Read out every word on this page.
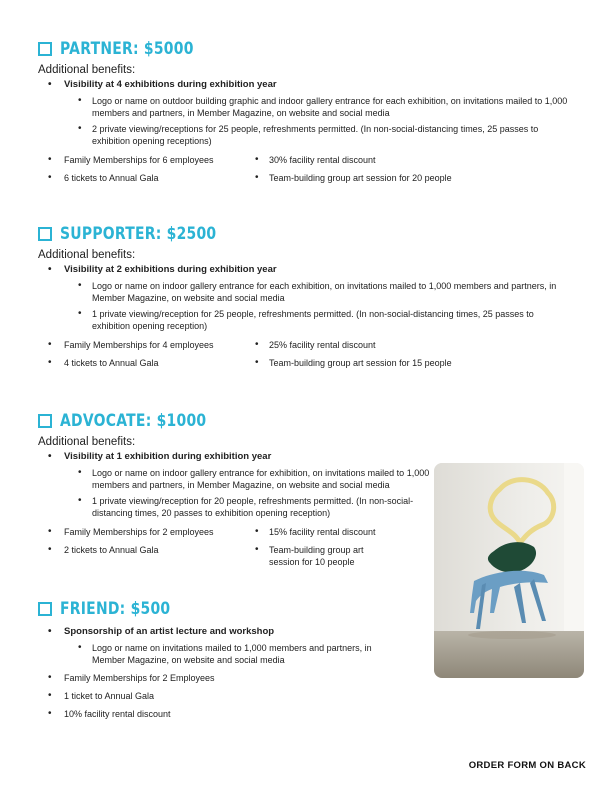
PARTNER: $5000
Additional benefits:
• Visibility at 4 exhibitions during exhibition year
• Logo or name on outdoor building graphic and indoor gallery entrance for each exhibition, on invitations mailed to 1,000 members and partners, in Member Magazine, on website and social media
• 2 private viewing/receptions for 25 people, refreshments permitted. (In non-social-distancing times, 25 passes to exhibition opening receptions)
• Family Memberships for 6 employees
• 6 tickets to Annual Gala
• 30% facility rental discount
• Team-building group art session for 20 people
SUPPORTER: $2500
Additional benefits:
• Visibility at 2 exhibitions during exhibition year
• Logo or name on indoor gallery entrance for each exhibition, on invitations mailed to 1,000 members and partners, in Member Magazine, on website and social media
• 1 private viewing/reception for 25 people, refreshments permitted. (In non-social-distancing times, 25 passes to exhibition opening reception)
• Family Memberships for 4 employees
• 4 tickets to Annual Gala
• 25% facility rental discount
• Team-building group art session for 15 people
ADVOCATE: $1000
Additional benefits:
• Visibility at 1 exhibition during exhibition year
• Logo or name on indoor gallery entrance for exhibition, on invitations mailed to 1,000 members and partners, in Member Magazine, on website and social media
• 1 private viewing/reception for 20 people, refreshments permitted. (In non-social-distancing times, 20 passes to exhibition opening reception)
• Family Memberships for 2 employees
• 2 tickets to Annual Gala
• 15% facility rental discount
• Team-building group art session for 10 people
FRIEND: $500
• Sponsorship of an artist lecture and workshop
• Logo or name on invitations mailed to 1,000 members and partners, in Member Magazine, on website and social media
• Family Memberships for 2 Employees
• 1 ticket to Annual Gala
• 10% facility rental discount
ORDER FORM ON BACK
